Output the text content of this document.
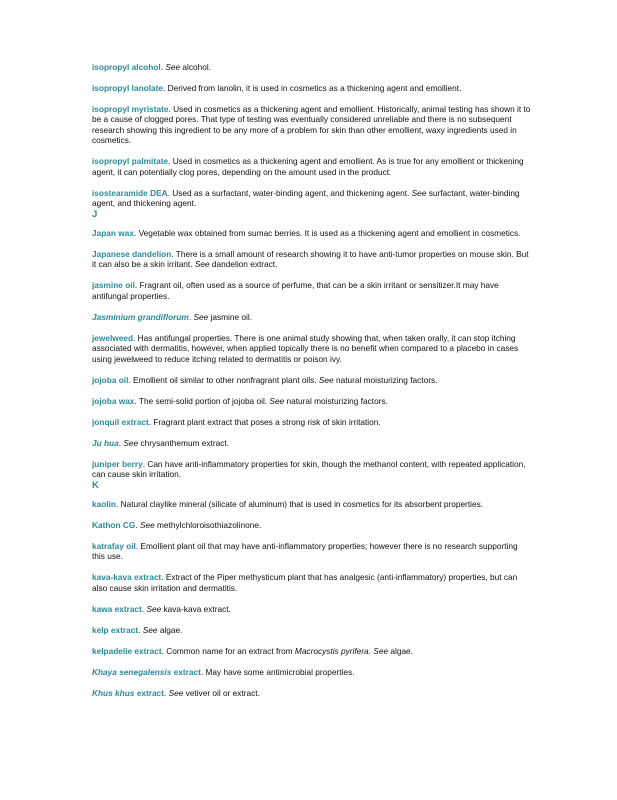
isopropyl alcohol. See alcohol.

isopropyl lanolate. Derived from lanolin, it is used in cosmetics as a thickening agent and emollient.

isopropyl myristate. Used in cosmetics as a thickening agent and emollient. Historically, animal testing has shown it to be a cause of clogged pores. That type of testing was eventually considered unreliable and there is no subsequent research showing this ingredient to be any more of a problem for skin than other emollient, waxy ingredients used in cosmetics.

isopropyl palmitate. Used in cosmetics as a thickening agent and emollient. As is true for any emollient or thickening agent, it can potentially clog pores, depending on the amount used in the product.

isostearamide DEA. Used as a surfactant, water-binding agent, and thickening agent. See surfactant, water-binding agent, and thickening agent.

J

Japan wax. Vegetable wax obtained from sumac berries. It is used as a thickening agent and emollient in cosmetics.

Japanese dandelion. There is a small amount of research showing it to have anti-tumor properties on mouse skin. But it can also be a skin irritant. See dandelion extract.

jasmine oil. Fragrant oil, often used as a source of perfume, that can be a skin irritant or sensitizer.It may have antifungal properties.

Jasminium grandiflorum. See jasmine oil.

jewelweed. Has antifungal properties. There is one animal study showing that, when taken orally, it can stop itching associated with dermatitis, however, when applied topically there is no benefit when compared to a placebo in cases using jewelweed to reduce itching related to dermatitis or poison ivy.

jojoba oil. Emollient oil similar to other nonfragrant plant oils. See natural moisturizing factors.

jojoba wax. The semi-solid portion of jojoba oil. See natural moisturizing factors.

jonquil extract. Fragrant plant extract that poses a strong risk of skin irritation.

Ju hua. See chrysanthemum extract.

juniper berry. Can have anti-inflammatory properties for skin, though the methanol content, with repeated application, can cause skin irritation.

K

kaolin. Natural claylike mineral (silicate of aluminum) that is used in cosmetics for its absorbent properties.

Kathon CG. See methylchloroisothiazolinone.

katrafay oil. Emollient plant oil that may have anti-inflammatory properties; however there is no research supporting this use.

kava-kava extract. Extract of the Piper methysticum plant that has analgesic (anti-inflammatory) properties, but can also cause skin irritation and dermatitis.

kawa extract. See kava-kava extract.

kelp extract. See algae.

kelpadelie extract. Common name for an extract from Macrocystis pyrifera. See algae.

Khaya senegalensis extract. May have some antimicrobial properties.

Khus khus extract. See vetiver oil or extract.
